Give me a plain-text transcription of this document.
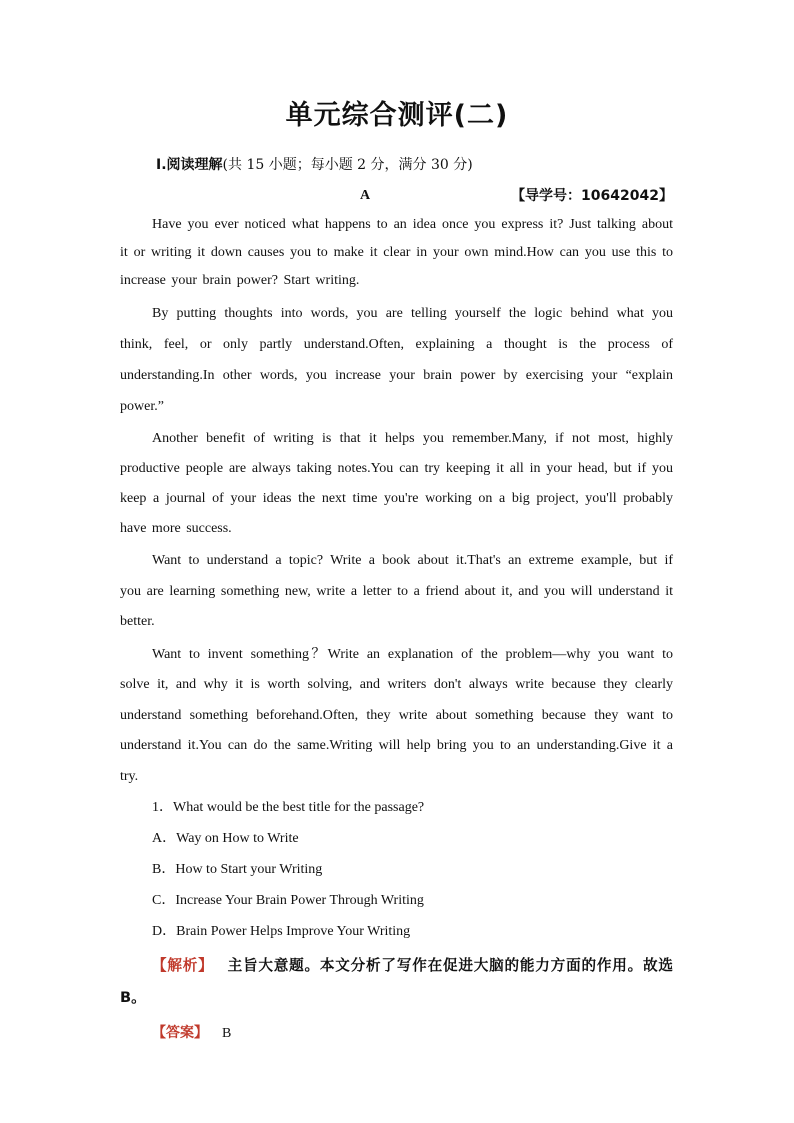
单元综合测评(二)
Ⅰ.阅读理解(共 15 小题；每小题 2 分，满分 30 分)
A	【导学号：10642042】

Have you ever noticed what happens to an idea once you express it? Just talking about it or writing it down causes you to make it clear in your own mind.How can you use this to increase your brain power? Start writing.

By putting thoughts into words, you are telling yourself the logic behind what you think, feel, or only partly understand.Often, explaining a thought is the process of understanding.In other words, you increase your brain power by exercising your “explain power.”

Another benefit of writing is that it helps you remember.Many, if not most, highly productive people are always taking notes.You can try keeping it all in your head, but if you keep a journal of your ideas the next time you're working on a big project, you'll probably have more success.

Want to understand a topic? Write a book about it.That's an extreme example, but if you are learning something new, write a letter to a friend about it, and you will understand it better.

Want to invent something？Write an explanation of the problem—why you want to solve it, and why it is worth solving, and writers don't always write because they clearly understand something beforehand.Often, they write about something because they want to understand it.You can do the same.Writing will help bring you to an understanding.Give it a try.

1．What would be the best title for the passage?

A．Way on How to Write

B．How to Start your Writing

C．Increase Your Brain Power Through Writing

D．Brain Power Helps Improve Your Writing

【解析】 主旨大意题。本文分析了写作在促进大脑的能力方面的作用。故选 B。

【答案】 B
